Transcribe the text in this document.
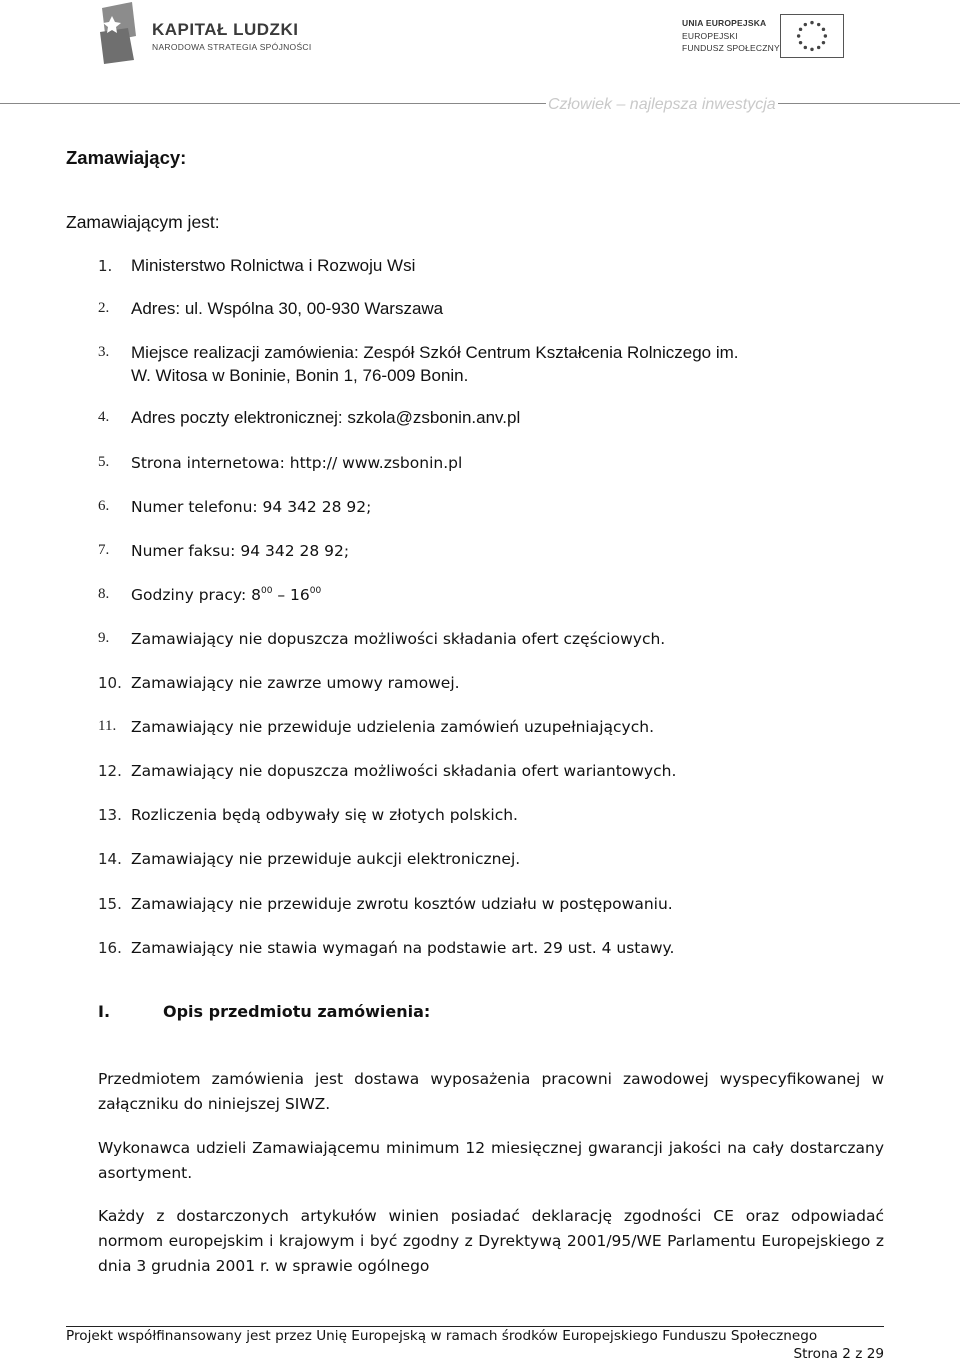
KAPITAŁ LUDZKI
NARODOWA STRATEGIA SPÓJNOŚCI
UNIA EUROPEJSKA
EUROPEJSKI
FUNDUSZ SPOŁECZNY
Człowiek – najlepsza inwestycja
Zamawiający:
Zamawiającym jest:
1. Ministerstwo Rolnictwa i Rozwoju Wsi
2. Adres: ul. Wspólna 30, 00-930 Warszawa
3. Miejsce realizacji zamówienia: Zespół Szkół Centrum Kształcenia Rolniczego im.
W. Witosa w Boninie, Bonin 1, 76-009 Bonin.
4. Adres poczty elektronicznej: szkola@zsbonin.anv.pl
5. Strona internetowa: http:// www.zsbonin.pl
6. Numer telefonu: 94 342 28 92;
7. Numer faksu: 94 342 28 92;
8. Godziny pracy: $8^{00} - 16^{00}$
9. Zamawiający nie dopuszcza możliwości składania ofert częściowych.
10. Zamawiający nie zawrze umowy ramowej.
11. Zamawiający nie przewiduje udzielenia zamówień uzupełniających.
12. Zamawiający nie dopuszcza możliwości składania ofert wariantowych.
13. Rozliczenia będą odbywały się w złotych polskich.
14. Zamawiający nie przewiduje aukcji elektronicznej.
15. Zamawiający nie przewiduje zwrotu kosztów udziału w postępowaniu.
16. Zamawiający nie stawia wymagań na podstawie art. 29 ust. 4 ustawy.
I.	Opis przedmiotu zamówienia:
Przedmiotem zamówienia jest dostawa wyposażenia pracowni zawodowej wyspecyfikowanej w załączniku do niniejszej SIWZ.
Wykonawca udzieli Zamawiającemu minimum 12 miesięcznej gwarancji jakości na cały dostarczany asortyment.
Każdy z dostarczonych artykułów winien posiadać deklarację zgodności CE oraz odpowiadać normom europejskim i krajowym i być zgodny z Dyrektywą 2001/95/WE Parlamentu Europejskiego z dnia 3 grudnia 2001 r. w sprawie ogólnego
Projekt współfinansowany jest przez Unię Europejską w ramach środków Europejskiego Funduszu Społecznego
Strona 2 z 29
